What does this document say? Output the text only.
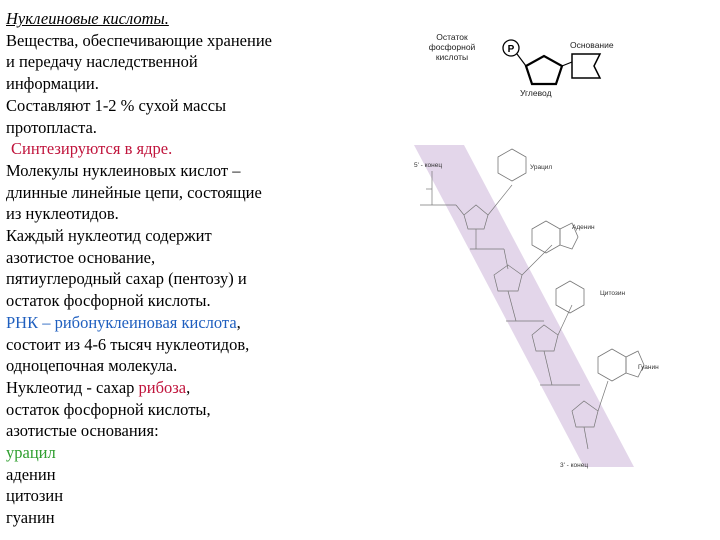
Нуклеиновые кислоты.
Вещества, обеспечивающие хранение
и передачу наследственной
информации.
Составляют 1-2 % сухой массы
протопласта.
Синтезируются в ядре.
Молекулы нуклеиновых кислот –
длинные линейные цепи, состоящие
из нуклеотидов.
Каждый нуклеотид содержит
азотистое основание,
пятиуглеродный сахар (пентозу) и
остаток фосфорной кислоты.
РНК – рибонуклеиновая кислота,
состоит из 4-6 тысяч нуклеотидов,
одноцепочная молекула.
Нуклеотид - сахар рибоза,
остаток фосфорной кислоты,
азотистые основания:
урацил
аденин
цитозин
гуанин
Остаток
фосфорной
кислоты
P	Основание
Углевод
5' - конец
3' - конец
Урацил
Аденин
Цитозин
Гуанин
